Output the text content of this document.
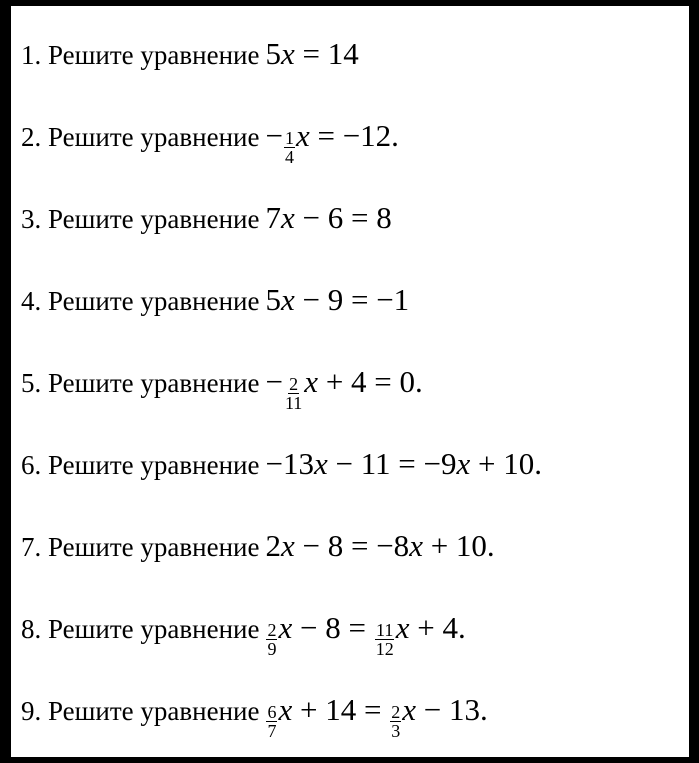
1. Решите уравнение 5 x = 14
2. Решите уравнение − $\frac{1}{4}$ x = −12.
3. Решите уравнение 7 x − 6 = 8
4. Решите уравнение 5 x − 9 = −1
5. Решите уравнение − $\frac{2}{11}$ x + 4 = 0.
6. Решите уравнение −13 x − 11 = −9 x + 10.
7. Решите уравнение 2 x − 8 = −8 x + 10.
8. Решите уравнение $\frac{2}{9}$ $x - 8 = \frac{11}{12}$ x + 4.
9. Решите уравнение $\frac{6}{7}$ $x + 14 = \frac{2}{3}$ x − 13.
